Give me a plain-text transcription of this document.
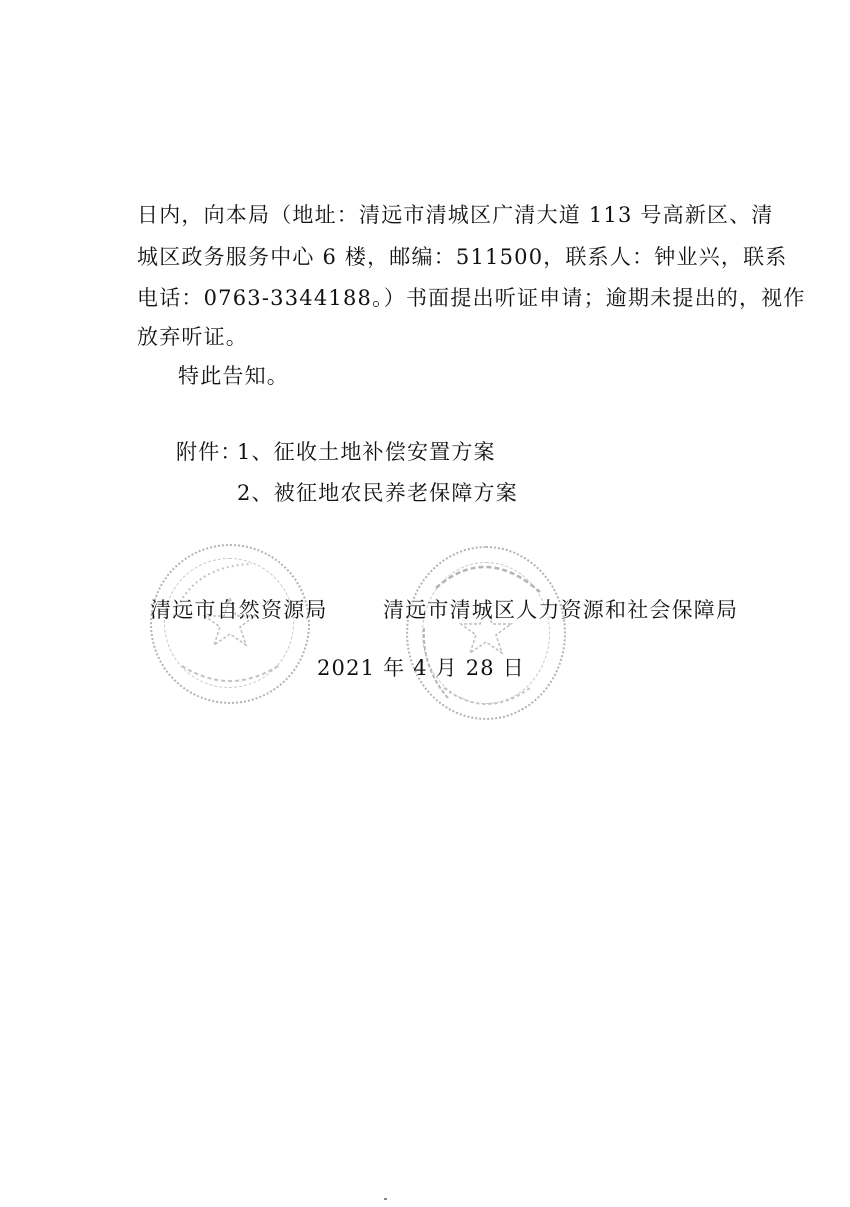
日内，向本局（地址：清远市清城区广清大道 113 号高新区、清
城区政务服务中心 6 楼，邮编：511500，联系人：钟业兴，联系
电话：0763-3344188。）书面提出听证申请；逾期未提出的，视作
放弃听证。
特此告知。
附件：
1、征收土地补偿安置方案
2、被征地农民养老保障方案
清远市自然资源局	清远市清城区人力资源和社会保障局
2021 年 4 月 28 日
